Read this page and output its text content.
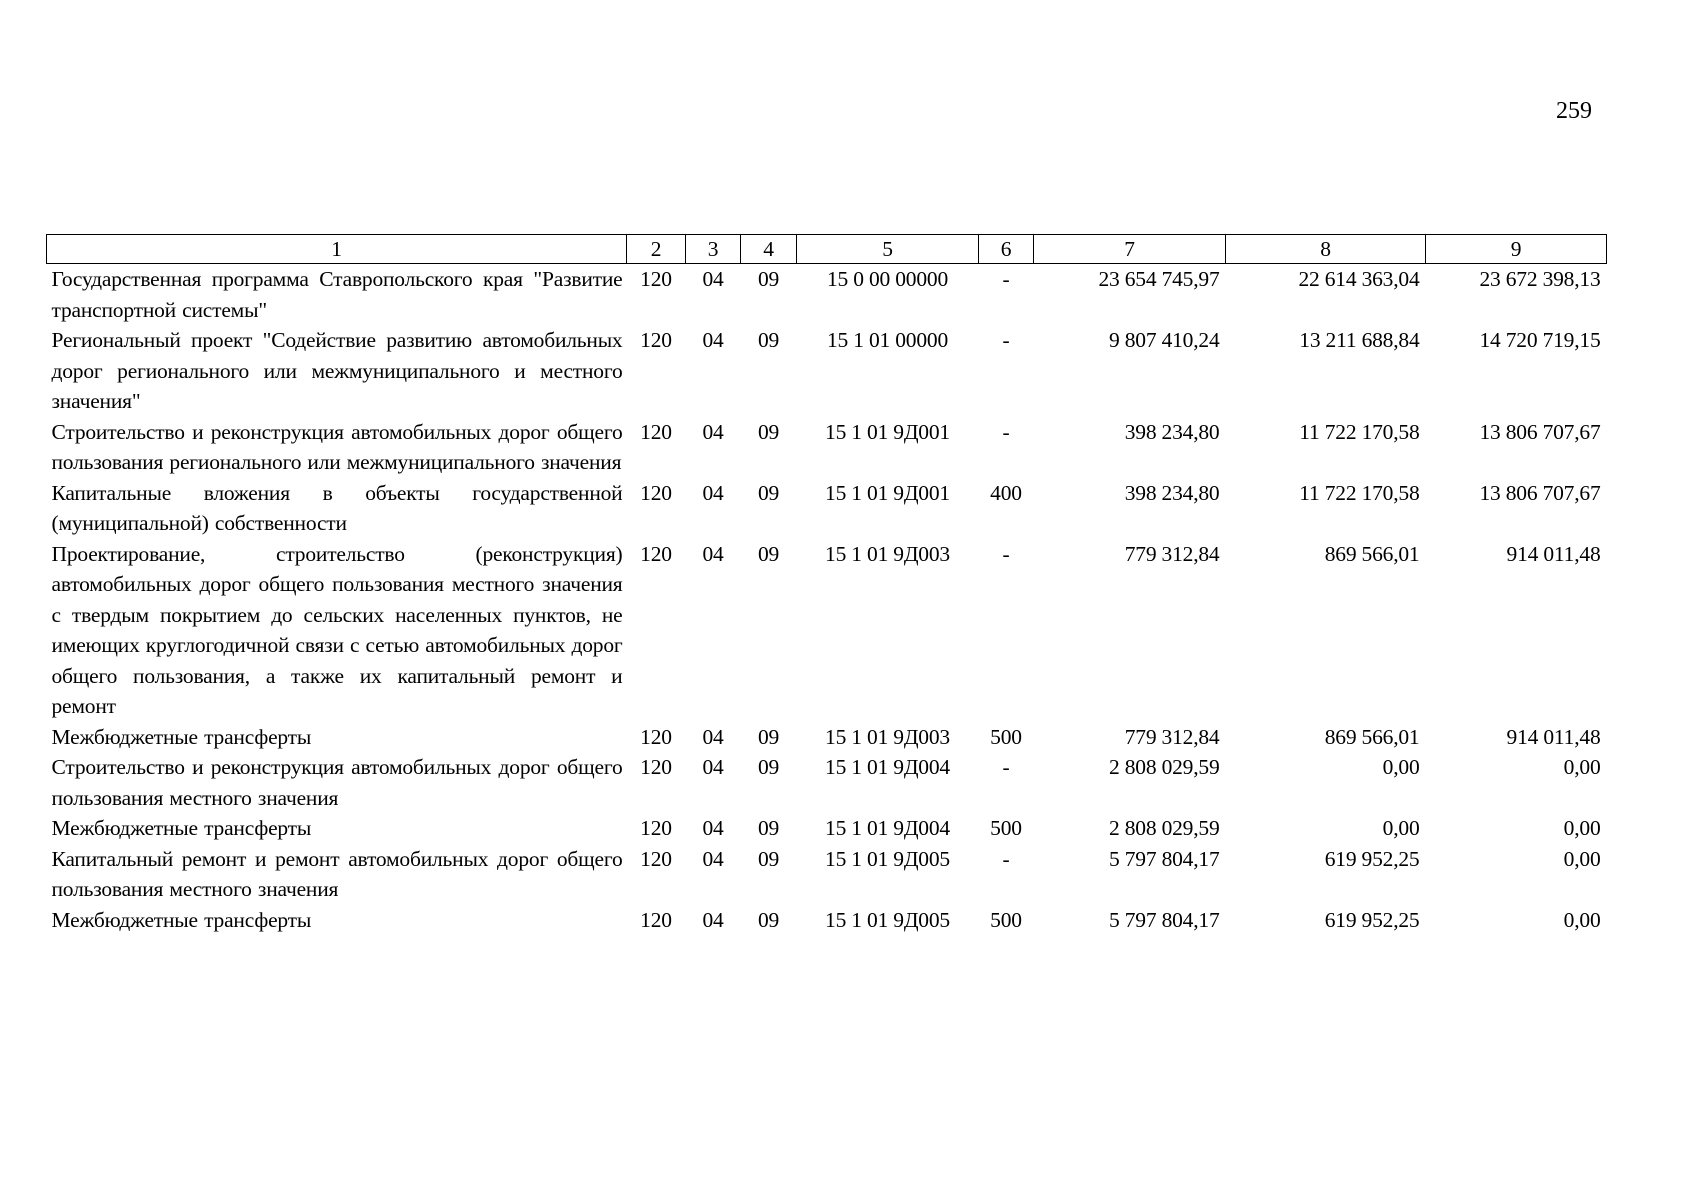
259
1	2	3	4	5	6	7	8	9
Государственная программа Ставропольского края "Развитие транспортной системы"	120	04	09	15 0 00 00000	-	23 654 745,97	22 614 363,04	23 672 398,13
Региональный проект "Содействие развитию автомобильных дорог регионального или межмуниципального и местного значения"	120	04	09	15 1 01 00000	-	9 807 410,24	13 211 688,84	14 720 719,15
Строительство и реконструкция автомобильных дорог общего пользования регионального или межмуниципального значения	120	04	09	15 1 01 9Д001	-	398 234,80	11 722 170,58	13 806 707,67
Капитальные вложения в объекты государственной (муниципальной) собственности	120	04	09	15 1 01 9Д001	400	398 234,80	11 722 170,58	13 806 707,67
Проектирование, строительство (реконструкция) автомобильных дорог общего пользования местного значения с твердым покрытием до сельских населенных пунктов, не имеющих круглогодичной связи с сетью автомобильных дорог общего пользования, а также их капитальный ремонт и ремонт	120	04	09	15 1 01 9Д003	-	779 312,84	869 566,01	914 011,48
Межбюджетные трансферты	120	04	09	15 1 01 9Д003	500	779 312,84	869 566,01	914 011,48
Строительство и реконструкция автомобильных дорог общего пользования местного значения	120	04	09	15 1 01 9Д004	-	2 808 029,59	0,00	0,00
Межбюджетные трансферты	120	04	09	15 1 01 9Д004	500	2 808 029,59	0,00	0,00
Капитальный ремонт и ремонт автомобильных дорог общего пользования местного значения	120	04	09	15 1 01 9Д005	-	5 797 804,17	619 952,25	0,00
Межбюджетные трансферты	120	04	09	15 1 01 9Д005	500	5 797 804,17	619 952,25	0,00
